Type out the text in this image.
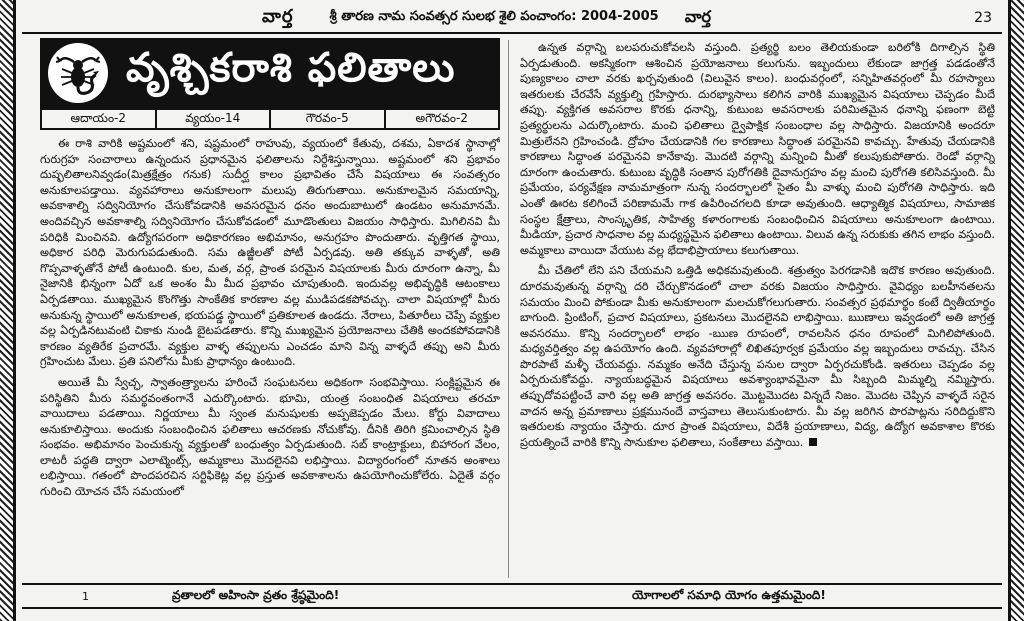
వార్త	శ్రీ తారణ నామ సంవత్సర సులభ శైలి పంచాంగం: 2004-2005 వార్త	23
వృశ్చికరాశి ఫలితాలు
ఆదాయం-2	వ్యయం-14	గౌరవం-5	అగౌరవం-2

ఈ రాశి వారికి అష్టమంలో శని, షష్టమంలో రాహువు, వ్యయంలో కేతువు, దశమ, ఏకాదశ స్థానాల్లో గురుగ్రహ సంచారాలు ఉన్నందున ప్రధానమైన ఫలితాలను నిర్దేశిస్తున్నాయి. అష్టమంలో శని ప్రభావం దుష్ఫలితాలనివ్వడం(మిత్రక్షేత్రం గనుక) సుదీర్ఘ కాలం ప్రభావితం చేసే విషయాలు ఈ సంవత్సరం అనుకూలపడ్తాయి. వ్యవహారాలు అనుకూలంగా మలుపు తిరుగుతాయి. అనుకూలమైన సమయాన్ని, అవకాశాల్ని సద్వినియోగం చేసుకోవడానికి అవసరమైన ధనం అందుబాటులో ఉండటం అనుమానమే. అందివచ్చిన అవకాశాల్ని సద్వినియోగం చేసుకోవడంలో మూడొంతులు విజయం సాధిస్తారు. మిగిలినవి మీ పరిధికి మించినవి. ఉద్యోగపరంగా అధికారగణం అభిమానం, అనుగ్రహం పొందుతారు. వృత్తిగత స్థాయి, అధికార పరిధి మెరుగుపడుతుంది. సమ ఉజ్జీలతో పోటీ ఏర్పడవు. అతి తక్కువ వాళ్ళతో, అతి గొప్పవాళ్ళతోనే పోటీ ఉంటుంది. కుల, మత, వర్గ, ప్రాంత పరమైన విషయాలకు మీరు దూరంగా ఉన్నా, మీ నైజానికి భిన్నంగా ఏదో ఒక అంశం మీ మీద ప్రభావం చూపుతుంది. ఇందువల్ల అభివృద్ధికి ఆటంకాలు ఏర్పడతాయి. ముఖ్యమైన కొంగొత్తు సాంకేతిక కారణాల వల్ల ముడిపడకపోవచ్చు. చాలా విషయాల్లో మీరు అనుకున్న స్థాయిలో అనుకూలత, భయపడ్డ స్థాయిలో ప్రతికూలత ఉండదు. నేరాలు, పితూరీలు చెప్పే వ్యక్తుల వల్ల ఏర్పడినటువంటి చికాకు నుండి బైటపడతారు. కొన్ని ముఖ్యమైన ప్రయోజనాలు చేతికి అందకపోవడానికి కారణం వ్యతిరేక ప్రచారమే. వ్యక్తుల వాళ్ళ తప్పులను ఎంచడం మాని విన్న వాళ్ళదే తప్పు అని మీరు గ్రహించుట మేలు. ప్రతి పనిలోను మీకు ప్రాధాన్యం ఉంటుంది.

అయితే మీ స్వేచ్ఛ, స్వాతంత్ర్యాలను హరించే సంఘటనలు అధికంగా సంభవిస్తాయి. సంక్లిష్టమైన ఈ పరిస్థితిని మీరు సమర్థవంతంగానే ఎదుర్కొంటారు. భూమి, యంత్ర సంబంధిత విషయాలు తరచూ వాయిదాలు పడతాయి. నిర్ణయాలు మీ స్వంత మనుషులకు అప్పజెప్పడం మేలు. కోర్టు వివాదాలు అనుకూలిస్తాయి. అందుకు సంబంధించిన ఫలితాలు ఆచరణకు నోచుకోవు. దీనికి తిరిగి క్రమించాల్సిన స్థితి సంభవం. అభిమానం పెంచుకున్న వ్యక్తులతో బంధుత్వం ఏర్పడుతుంది. సబ్ కాంట్రాక్టులు, బిహారంగ వేలం, లాటరీ పద్ధతి ద్వారా ఎలాట్మెంట్స్, అమ్మకాలు మొదలైనవి లభిస్తాయి. విద్యారంగంలో నూతన అంశాలు లభిస్తాయి. గతంలో పొందపరచిన సర్టిఫికెట్ల వల్ల ప్రస్తుత అవకాశాలను ఉపయోగించుకోలేరు. ఏదైతే వర్గం గురించి యోచన చేసే సమయంలో

ఉన్నత వర్గాన్ని బలపరుచుకోవలసి వస్తుంది. ప్రత్యర్థి బలం తెలియకుండా బరిలోకి దిగాల్సిన స్థితి ఏర్పడుతుంది. అకస్మికంగా ఆశించిన ప్రయోజనాలు కలుగును. ఇబ్బందులు లేకుండా జాగ్రత్త పడడంతోనే పుణ్యకాలం చాలా వరకు ఖర్చవుతుంది (విలువైన కాలం). బంధువర్గంలో, సన్నిహితవర్గంలో మీ రహస్యాలు ఇతరులకు చేరవేసే వ్యక్తుల్ని గ్రహిస్తారు. దురభ్యాసాలు కలిగిన వారికి ముఖ్యమైన విషయాలు చెప్పడం మీదే తప్పు. వ్యక్తిగత అవసరాల కొరకు ధనాన్ని, కుటుంబ అవసరాలకు పరిమితమైన ధనాన్ని ఫణంగా బెట్టి ప్రత్యర్థులను ఎదుర్కొంటారు. మంచి ఫలితాలు ద్వైపాక్షిక సంబంధాల వల్ల సాధిస్తారు. విజయానికి అందరూ మిత్రులేనని గ్రహించండి. ద్రోహం చేయడానికి గల కారణాలు సిద్ధాంత పరమైనవి కావచ్చు. హేతువు చేయడానికి కారణాలు సిద్ధాంత పరమైనవి కానేకావు. మొదటి వర్గాన్ని మన్నించి మీతో కలుపుకుపోతారు. రెండో వర్గాన్ని దూరంగా ఉంచుతారు. కుటుంబ వృద్ధికి సంతాన పురోగతికి దైవానుగ్రహం వల్ల మంచి పురోగతి కలిసివస్తుంది. మీ ప్రమేయం, పర్యవేక్షణ నామమాత్రంగా నున్న సందర్భాలలో సైతం మీ వాళ్ళు మంచి పురోగతి సాధిస్తారు. ఇది ఎంతో ఊరట కలిగించే పరిణామమే గాక ఉపిరించగలది కూడా అవుతుంది. ఆధ్యాత్మిక విషయాలు, సామాజిక సంస్థల క్షేత్రాలు, సాంస్కృతిక, సాహిత్య కళారంగాలకు సంబంధించిన విషయాలు అనుకూలంగా ఉంటాయి. మీడియా, ప్రచార సాధనాల వల్ల మధ్యస్థమైన ఫలితాలు ఉంటాయి. విలువ ఉన్న సరుకుకు తగిన లాభం వస్తుంది. అమ్మకాలు వాయిదా వేయుట వల్ల భేదాభిప్రాయాలు కలుగుతాయి.

మీ చేతిలో లేని పని చేయమని ఒత్తిడి అధికమవుతుంది. శత్రుత్వం పెరగడానికి ఇదొక కారణం అవుతుంది. దూరమవుతున్న వర్గాన్ని దరి చేర్చుకొనడంలో చాలా వరకు విజయం సాధిస్తారు. వైవిధ్యం బలహీనతలను సమయం మించి పోకుండా మీకు అనుకూలంగా మలచుకోగలుగుతారు. సంవత్సర ప్రథమార్థం కంటే ద్వితీయార్థం బాగుంది. ప్రింటింగ్, ప్రచార విషయాలు, ప్రకటనలు మొదలైనవి లాభిస్తాయి. ఋణాలు ఇవ్వడంలో అతి జాగ్రత్త అవసరము. కొన్ని సందర్భాలలో లాభం -ఋణ రూపంలో, రావలసిన ధనం రూపంలో మిగిలిపోతుంది. మధ్యవర్తిత్వం వల్ల ఉపయోగం ఉంది. వ్యవహారాల్లో లిఖితపూర్వక ప్రమేయం వల్ల ఇబ్బందులు రావచ్చు. చేసిన పొరపాటే మళ్ళీ చేయవద్దు. నమ్మకం అనేది చేస్తున్న పనుల ద్వారా ఏర్పరచుకోండి. ఇతరులు చెప్పడం వల్ల ఏర్పరుచుకోవద్దు. న్యాయబద్ధమైన విషయాలు అవశ్యాంభావమైనా మీ సిబ్బంది మిమ్మల్ని నమ్మిస్తారు. తప్పుదోవపట్టించే వారి వల్ల అతి జాగ్రత్త అవసరం. మొట్టమొదట విన్నదే నిజం. మొదట చెప్పిన వాళ్ళదే సరైన వాదన అన్న ప్రమాణాలు ప్రక్షమునందే వాస్తవాలు తెలుసుకుంటారు. మీ వల్ల జరిగిన పొరపాట్లను సరిదిద్దుకొని ఇతరులకు న్యాయం చేస్తారు. దూర ప్రాంత విషయాలు, విదేశీ ప్రయాణాలు, విద్య, ఉద్యోగ అవకాశాల కొరకు ప్రయత్నించే వారికి కొన్ని సానుకూల ఫలితాలు, సంకేతాలు వస్తాయి.

1	వ్రతాలలో అహింసా వ్రతం శ్రేష్ఠమైంది!	యోగాలలో సమాధి యోగం ఉత్తమమైంది!
